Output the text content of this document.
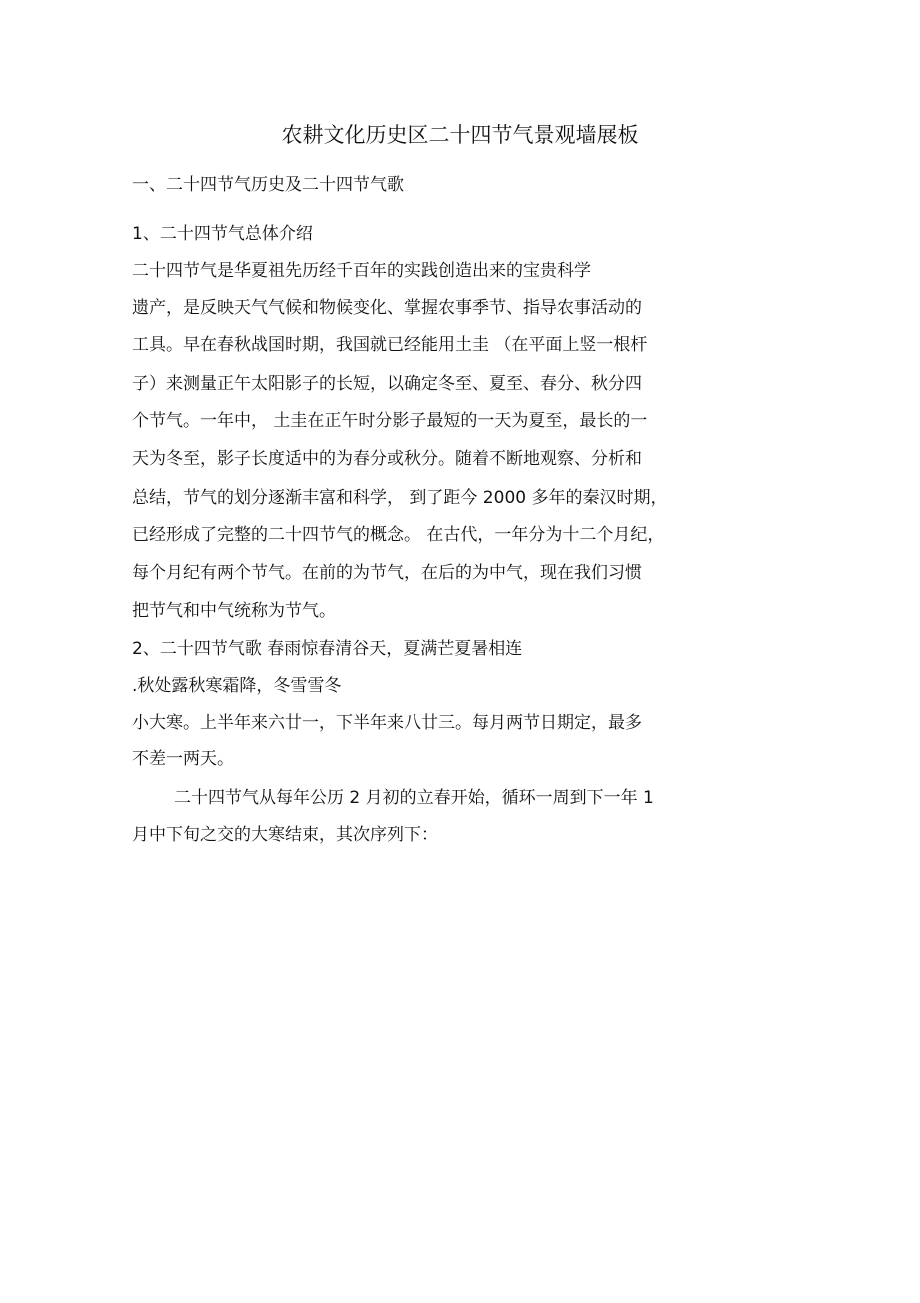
农耕文化历史区二十四节气景观墙展板
一、二十四节气历史及二十四节气歌
1、二十四节气总体介绍
二十四节气是华夏祖先历经千百年的实践创造出来的宝贵科学
遗产，是反映天气气候和物候变化、掌握农事季节、指导农事活动的
工具。早在春秋战国时期，我国就已经能用土圭 （在平面上竖一根杆
子）来测量正午太阳影子的长短，以确定冬至、夏至、春分、秋分四
个节气。一年中， 土圭在正午时分影子最短的一天为夏至，最长的一
天为冬至，影子长度适中的为春分或秋分。随着不断地观察、分析和
总结，节气的划分逐渐丰富和科学， 到了距今 2000 多年的秦汉时期，
已经形成了完整的二十四节气的概念。 在古代，一年分为十二个月纪，
每个月纪有两个节气。在前的为节气，在后的为中气，现在我们习惯
把节气和中气统称为节气。
2、二十四节气歌 春雨惊春清谷天，夏满芒夏暑相连
.秋处露秋寒霜降，冬雪雪冬
小大寒。上半年来六廿一，下半年来八廿三。每月两节日期定，最多
不差一两天。
二十四节气从每年公历 2 月初的立春开始，循环一周到下一年 1
月中下旬之交的大寒结束，其次序列下：
